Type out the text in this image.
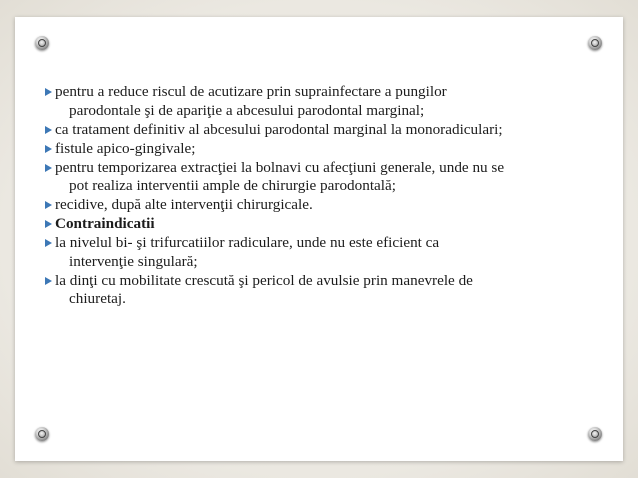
pentru a reduce riscul de acutizare prin suprainfectare a pungilor
parodontale şi de apariţie a abcesului parodontal marginal;
ca tratament definitiv al abcesului parodontal marginal la monoradiculari;
fistule apico-gingivale;
pentru temporizarea extracţiei la bolnavi cu afecţiuni generale, unde nu se
pot realiza interventii ample de chirurgie parodontală;
recidive, după alte intervenţii chirurgicale.
Contraindicatii
la nivelul bi- şi trifurcatiilor radiculare, unde nu este eficient ca
intervenţie singulară;
la dinţi cu mobilitate crescută şi pericol de avulsie prin manevrele de
chiuretaj.
